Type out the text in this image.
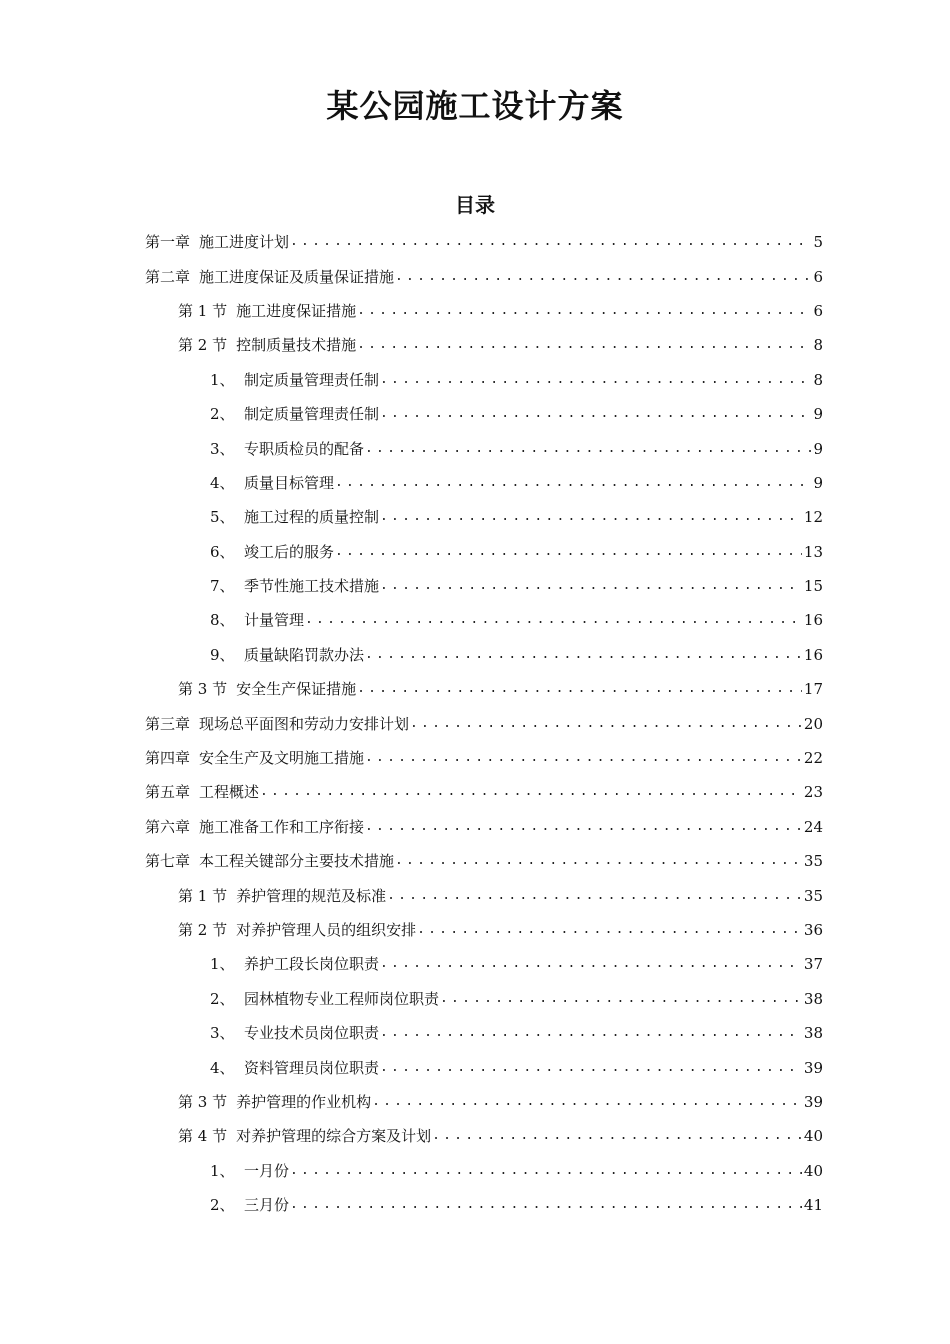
某公园施工设计方案
目录
第一章 施工进度计划 .....	5
第二章 施工进度保证及质量保证措施 .....	6
第 1 节 施工进度保证措施 .....	6
第 2 节 控制质量技术措施 .....	8
1、 制定质量管理责任制 .....	8
2、 制定质量管理责任制 .....	9
3、 专职质检员的配备 .....	9
4、 质量目标管理 .....	9
5、 施工过程的质量控制 .....	12
6、 竣工后的服务 .....	13
7、 季节性施工技术措施 .....	15
8、 计量管理 .....	16
9、 质量缺陷罚款办法 .....	16
第 3 节 安全生产保证措施 .....	17
第三章 现场总平面图和劳动力安排计划 .....	20
第四章 安全生产及文明施工措施 .....	22
第五章 工程概述 .....	23
第六章 施工准备工作和工序衔接 .....	24
第七章 本工程关键部分主要技术措施 .....	35
第 1 节 养护管理的规范及标准 .....	35
第 2 节 对养护管理人员的组织安排 .....	36
1、 养护工段长岗位职责 .....	37
2、 园林植物专业工程师岗位职责 .....	38
3、 专业技术员岗位职责 .....	38
4、 资料管理员岗位职责 .....	39
第 3 节 养护管理的作业机构 .....	39
第 4 节 对养护管理的综合方案及计划 .....	40
1、 一月份 .....	40
2、 三月份 .....	41
